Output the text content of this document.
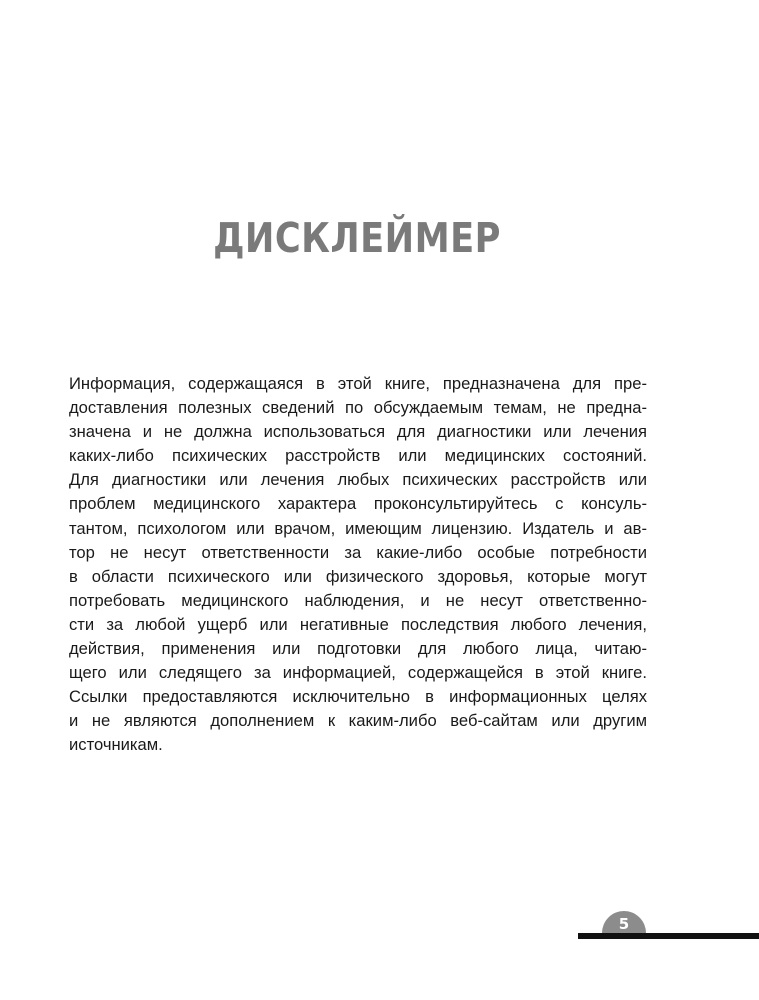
ДИСКЛЕЙМЕР
Информация, содержащаяся в этой книге, предназначена для пре-
доставления полезных сведений по обсуждаемым темам, не предна-
значена и не должна использоваться для диагностики или лечения
каких-либо психических расстройств или медицинских состояний.
Для диагностики или лечения любых психических расстройств или
проблем медицинского характера проконсультируйтесь с консуль-
тантом, психологом или врачом, имеющим лицензию. Издатель и ав-
тор не несут ответственности за какие-либо особые потребности
в области психического или физического здоровья, которые могут
потребовать медицинского наблюдения, и не несут ответственно-
сти за любой ущерб или негативные последствия любого лечения,
действия, применения или подготовки для любого лица, читаю-
щего или следящего за информацией, содержащейся в этой книге.
Ссылки предоставляются исключительно в информационных целях
и не являются дополнением к каким-либо веб-сайтам или другим
источникам.
5
